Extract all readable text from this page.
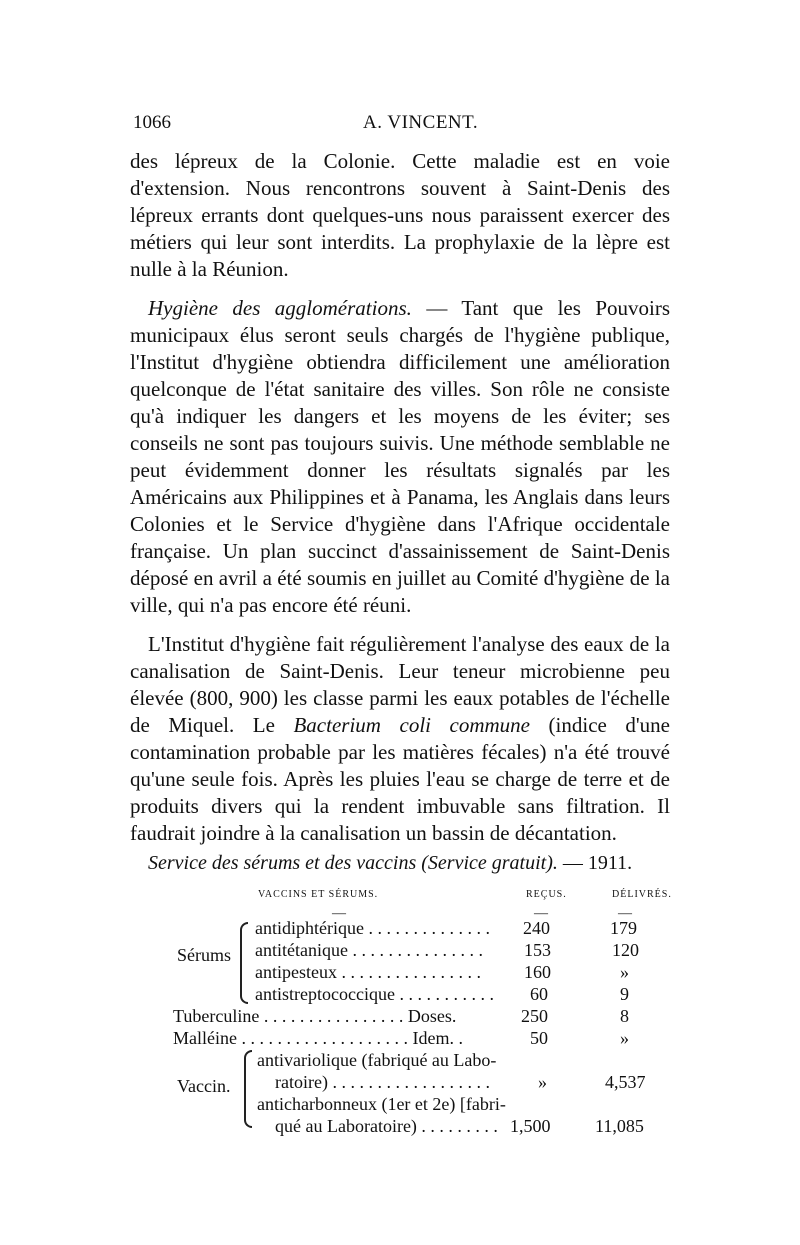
1066	A. VINCENT.

des lépreux de la Colonie. Cette maladie est en voie d'extension. Nous rencontrons souvent à Saint-Denis des lépreux errants dont quelques-uns nous paraissent exercer des métiers qui leur sont interdits. La prophylaxie de la lèpre est nulle à la Réunion.

Hygiène des agglomérations. — Tant que les Pouvoirs municipaux élus seront seuls chargés de l'hygiène publique, l'Institut d'hygiène obtiendra difficilement une amélioration quelconque de l'état sanitaire des villes. Son rôle ne consiste qu'à indiquer les dangers et les moyens de les éviter; ses conseils ne sont pas toujours suivis. Une méthode semblable ne peut évidemment donner les résultats signalés par les Américains aux Philippines et à Panama, les Anglais dans leurs Colonies et le Service d'hygiène dans l'Afrique occidentale française. Un plan succinct d'assainissement de Saint-Denis déposé en avril a été soumis en juillet au Comité d'hygiène de la ville, qui n'a pas encore été réuni.

L'Institut d'hygiène fait régulièrement l'analyse des eaux de la canalisation de Saint-Denis. Leur teneur microbienne peu élevée (800, 900) les classe parmi les eaux potables de l'échelle de Miquel. Le Bacterium coli commune (indice d'une contamination probable par les matières fécales) n'a été trouvé qu'une seule fois. Après les pluies l'eau se charge de terre et de produits divers qui la rendent imbuvable sans filtration. Il faudrait joindre à la canalisation un bassin de décantation.

Service des sérums et des vaccins (Service gratuit). — 1911.
VACCINS ET SÉRUMS.	REÇUS.	DÉLIVRÉS.
—	—	—
Sérums
Vaccin.
antidiphtérique . . . . . . . . . . . . . . 240	179
antitétanique . . . . . . . . . . . . . . . 153	120
antipesteux . . . . . . . . . . . . . . . . 160	»
antistreptococcique . . . . . . . . . . . 60	9
Tuberculine . . . . . . . . . . . . . . . . Doses.	250	8
Malléine . . . . . . . . . . . . . . . . . . . Idem. .	50	»
antivariolique (fabriqué au Labo-
ratoire) . . . . . . . . . . . . . . . . . .	»	4,537
anticharbonneux (1er et 2e) [fabri-
qué au Laboratoire) . . . . . . . . . 1,500 11,085
